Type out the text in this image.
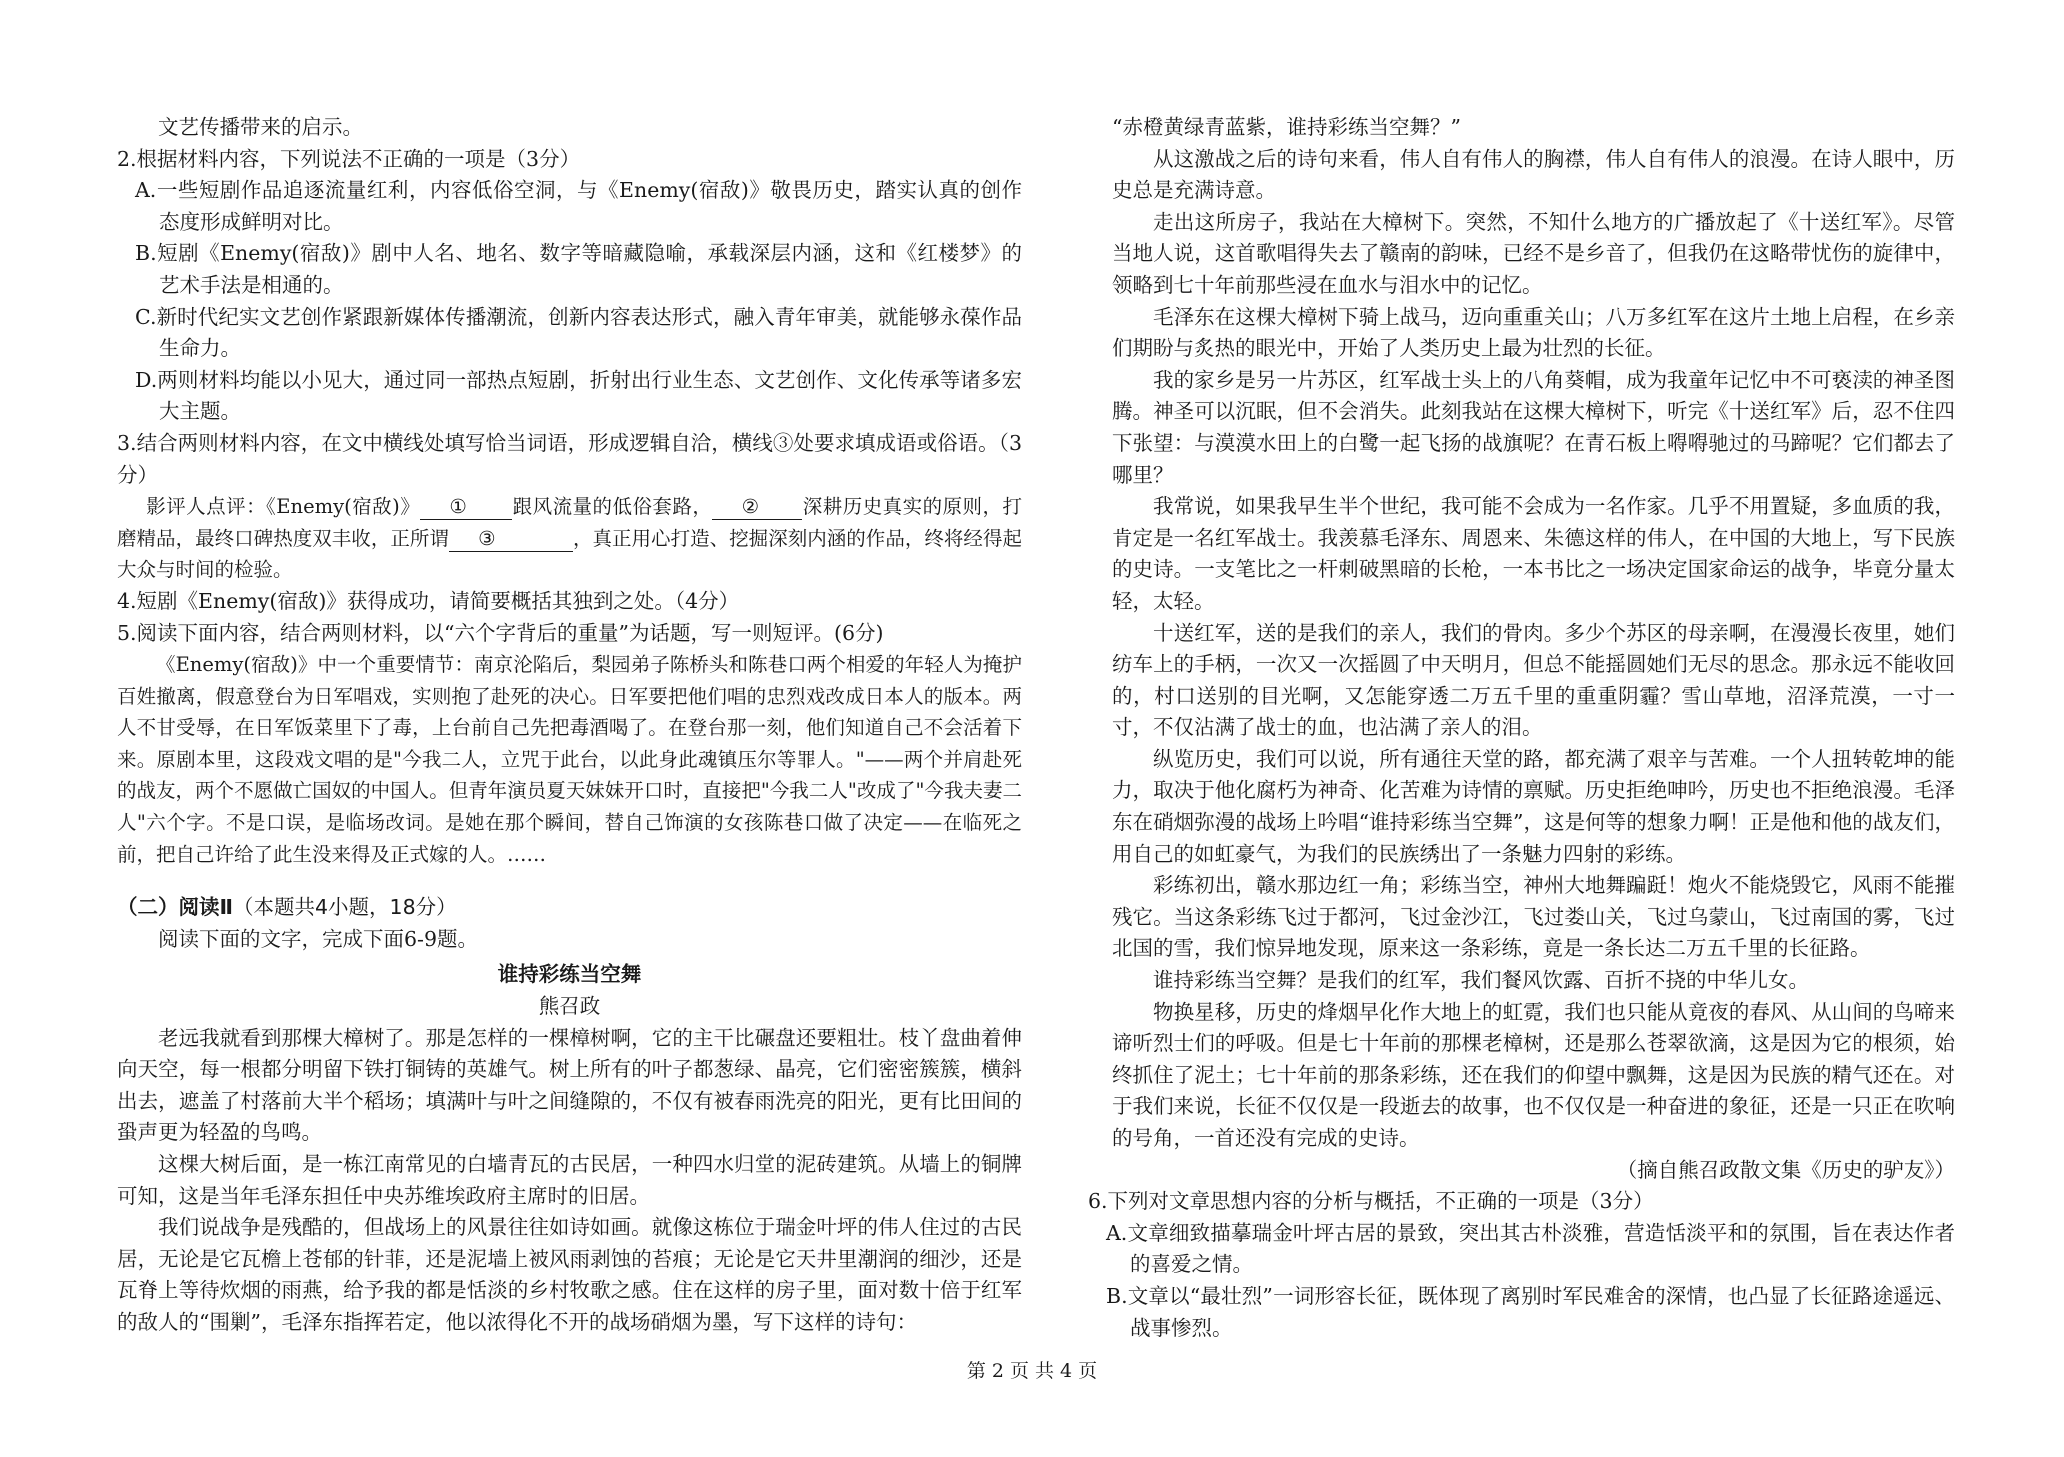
文艺传播带来的启示。
2.根据材料内容，下列说法不正确的一项是（3分）
A.一些短剧作品追逐流量红利，内容低俗空洞，与《Enemy(宿敌)》敬畏历史，踏实认真的创作态度形成鲜明对比。
B.短剧《Enemy(宿敌)》剧中人名、地名、数字等暗藏隐喻，承载深层内涵，这和《红楼梦》的艺术手法是相通的。
C.新时代纪实文艺创作紧跟新媒体传播潮流，创新内容表达形式，融入青年审美，就能够永葆作品生命力。
D.两则材料均能以小见大，通过同一部热点短剧，折射出行业生态、文艺创作、文化传承等诸多宏大主题。
3.结合两则材料内容，在文中横线处填写恰当词语，形成逻辑自洽，横线③处要求填成语或俗语。（3分）
影评人点评：《Enemy(宿敌)》 ① 跟风流量的低俗套路， ② 深耕历史真实的原则，打磨精品，最终口碑热度双丰收，正所谓 ③	，真正用心打造、挖掘深刻内涵的作品，终将经得起大众与时间的检验。
4.短剧《Enemy(宿敌)》获得成功，请简要概括其独到之处。（4分）
5.阅读下面内容，结合两则材料，以“六个字背后的重量”为话题，写一则短评。(6分)
《Enemy(宿敌)》中一个重要情节：南京沦陷后，梨园弟子陈桥头和陈巷口两个相爱的年轻人为掩护百姓撤离，假意登台为日军唱戏，实则抱了赴死的决心。日军要把他们唱的忠烈戏改成日本人的版本。两人不甘受辱，在日军饭菜里下了毒，上台前自己先把毒酒喝了。在登台那一刻，他们知道自己不会活着下来。原剧本里，这段戏文唱的是"今我二人，立咒于此台，以此身此魂镇压尔等罪人。"——两个并肩赴死的战友，两个不愿做亡国奴的中国人。但青年演员夏天妹妹开口时，直接把"今我二人"改成了"今我夫妻二人"六个字。不是口误，是临场改词。是她在那个瞬间，替自己饰演的女孩陈巷口做了决定——在临死之前，把自己许给了此生没来得及正式嫁的人。……
（二）阅读Ⅱ（本题共4小题，18分）
阅读下面的文字，完成下面6-9题。
谁持彩练当空舞
熊召政
老远我就看到那棵大樟树了。那是怎样的一棵樟树啊，它的主干比碾盘还要粗壮。枝丫盘曲着伸向天空，每一根都分明留下铁打铜铸的英雄气。树上所有的叶子都葱绿、晶亮，它们密密簇簇，横斜出去，遮盖了村落前大半个稻场；填满叶与叶之间缝隙的，不仅有被春雨洗亮的阳光，更有比田间的蛩声更为轻盈的鸟鸣。
这棵大树后面，是一栋江南常见的白墙青瓦的古民居，一种四水归堂的泥砖建筑。从墙上的铜牌可知，这是当年毛泽东担任中央苏维埃政府主席时的旧居。
我们说战争是残酷的，但战场上的风景往往如诗如画。就像这栋位于瑞金叶坪的伟人住过的古民居，无论是它瓦檐上苍郁的针菲，还是泥墙上被风雨剥蚀的苔痕；无论是它天井里潮润的细沙，还是瓦脊上等待炊烟的雨燕，给予我的都是恬淡的乡村牧歌之感。住在这样的房子里，面对数十倍于红军的敌人的“围剿”，毛泽东指挥若定，他以浓得化不开的战场硝烟为墨，写下这样的诗句：
“赤橙黄绿青蓝紫，谁持彩练当空舞？”
从这激战之后的诗句来看，伟人自有伟人的胸襟，伟人自有伟人的浪漫。在诗人眼中，历史总是充满诗意。
走出这所房子，我站在大樟树下。突然，不知什么地方的广播放起了《十送红军》。尽管当地人说，这首歌唱得失去了赣南的韵味，已经不是乡音了，但我仍在这略带忧伤的旋律中，领略到七十年前那些浸在血水与泪水中的记忆。
毛泽东在这棵大樟树下骑上战马，迈向重重关山；八万多红军在这片土地上启程，在乡亲们期盼与炙热的眼光中，开始了人类历史上最为壮烈的长征。
我的家乡是另一片苏区，红军战士头上的八角葵帽，成为我童年记忆中不可亵渎的神圣图腾。神圣可以沉眠，但不会消失。此刻我站在这棵大樟树下，听完《十送红军》后，忍不住四下张望：与漠漠水田上的白鹭一起飞扬的战旗呢？在青石板上嘚嘚驰过的马蹄呢？它们都去了哪里？
我常说，如果我早生半个世纪，我可能不会成为一名作家。几乎不用置疑，多血质的我，肯定是一名红军战士。我羡慕毛泽东、周恩来、朱德这样的伟人，在中国的大地上，写下民族的史诗。一支笔比之一杆刺破黑暗的长枪，一本书比之一场决定国家命运的战争，毕竟分量太轻，太轻。
十送红军，送的是我们的亲人，我们的骨肉。多少个苏区的母亲啊，在漫漫长夜里，她们纺车上的手柄，一次又一次摇圆了中天明月，但总不能摇圆她们无尽的思念。那永远不能收回的，村口送别的目光啊，又怎能穿透二万五千里的重重阴霾？雪山草地，沼泽荒漠，一寸一寸，不仅沾满了战士的血，也沾满了亲人的泪。
纵览历史，我们可以说，所有通往天堂的路，都充满了艰辛与苦难。一个人扭转乾坤的能力，取决于他化腐朽为神奇、化苦难为诗情的禀赋。历史拒绝呻吟，历史也不拒绝浪漫。毛泽东在硝烟弥漫的战场上吟唱“谁持彩练当空舞”，这是何等的想象力啊！正是他和他的战友们，用自己的如虹豪气，为我们的民族绣出了一条魅力四射的彩练。
彩练初出，赣水那边红一角；彩练当空，神州大地舞蹁跹！炮火不能烧毁它，风雨不能摧残它。当这条彩练飞过于都河，飞过金沙江，飞过娄山关，飞过乌蒙山，飞过南国的雾，飞过北国的雪，我们惊异地发现，原来这一条彩练，竟是一条长达二万五千里的长征路。
谁持彩练当空舞？是我们的红军，我们餐风饮露、百折不挠的中华儿女。
物换星移，历史的烽烟早化作大地上的虹霓，我们也只能从竟夜的春风、从山间的鸟啼来谛听烈士们的呼吸。但是七十年前的那棵老樟树，还是那么苍翠欲滴，这是因为它的根须，始终抓住了泥土；七十年前的那条彩练，还在我们的仰望中飘舞，这是因为民族的精气还在。对于我们来说，长征不仅仅是一段逝去的故事，也不仅仅是一种奋进的象征，还是一只正在吹响的号角，一首还没有完成的史诗。
（摘自熊召政散文集《历史的驴友》）
6.下列对文章思想内容的分析与概括，不正确的一项是（3分）
A.文章细致描摹瑞金叶坪古居的景致，突出其古朴淡雅，营造恬淡平和的氛围，旨在表达作者的喜爱之情。
B.文章以“最壮烈”一词形容长征，既体现了离别时军民难舍的深情，也凸显了长征路途遥远、战事惨烈。
第 2 页 共 4 页
